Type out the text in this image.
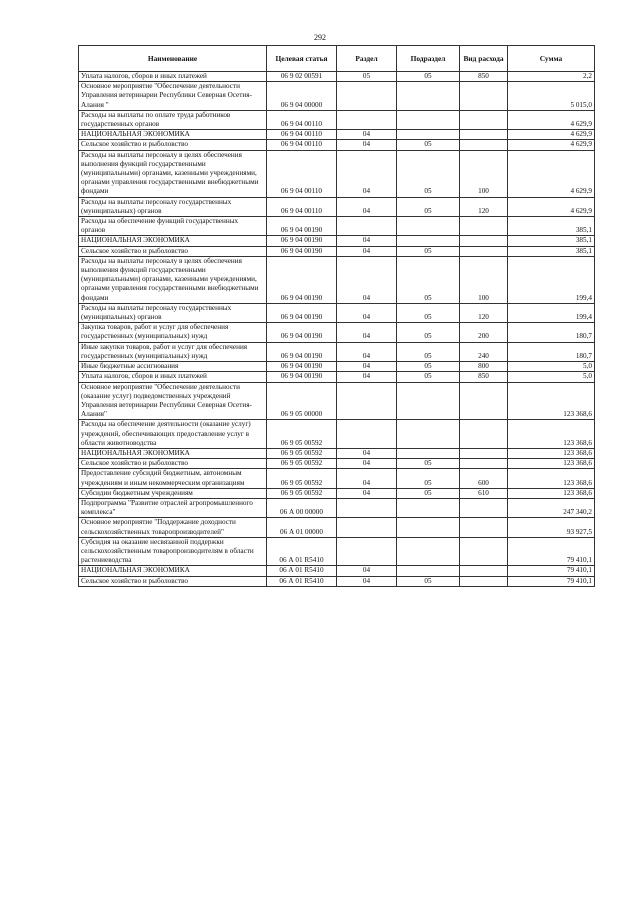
292
Наименование	Целевая статья	Раздел	Подраздел	Вид расхода	Сумма
Уплата налогов, сборов и иных платежей	06 9 02 00591	05	05	850	2,2
Основное мероприятие "Обеспечение деятельности Управления ветеринарии Республики Северная Осетия-Алания "	06 9 04 00000				5 015,0
Расходы на выплаты по оплате труда работников государственных органов	06 9 04 00110				4 629,9
НАЦИОНАЛЬНАЯ ЭКОНОМИКА	06 9 04 00110	04			4 629,9
Сельское хозяйство и рыболовство	06 9 04 00110	04	05		4 629,9
Расходы на выплаты персоналу в целях обеспечения выполнения функций государственными (муниципальными) органами, казенными учреждениями, органами управления государственными внебюджетными фондами	06 9 04 00110	04	05	100	4 629,9
Расходы на выплаты персоналу государственных (муниципальных) органов	06 9 04 00110	04	05	120	4 629,9
Расходы на обеспечение функций государственных органов	06 9 04 00190				385,1
НАЦИОНАЛЬНАЯ ЭКОНОМИКА	06 9 04 00190	04			385,1
Сельское хозяйство и рыболовство	06 9 04 00190	04	05		385,1
Расходы на выплаты персоналу в целях обеспечения выполнения функций государственными (муниципальными) органами, казенными учреждениями, органами управления государственными внебюджетными фондами	06 9 04 00190	04	05	100	199,4
Расходы на выплаты персоналу государственных (муниципальных) органов	06 9 04 00190	04	05	120	199,4
Закупка товаров, работ и услуг для обеспечения государственных (муниципальных) нужд	06 9 04 00190	04	05	200	180,7
Иные закупки товаров, работ и услуг для обеспечения государственных (муниципальных) нужд	06 9 04 00190	04	05	240	180,7
Иные бюджетные ассигнования	06 9 04 00190	04	05	800	5,0
Уплата налогов, сборов и иных платежей	06 9 04 00190	04	05	850	5,0
Основное мероприятие "Обеспечение деятельности (оказание услуг) подведомственных учреждений Управления ветеринарии Республики Северная Осетия-Алания"	06 9 05 00000				123 368,6
Расходы на обеспечение деятельности (оказание услуг) учреждений, обеспечивающих предоставление услуг в области животноводства	06 9 05 00592				123 368,6
НАЦИОНАЛЬНАЯ ЭКОНОМИКА	06 9 05 00592	04			123 368,6
Сельское хозяйство и рыболовство	06 9 05 00592	04	05		123 368,6
Предоставление субсидий бюджетным, автономным учреждениям и иным некоммерческим организациям	06 9 05 00592	04	05	600	123 368,6
Субсидии бюджетным учреждениям	06 9 05 00592	04	05	610	123 368,6
Подпрограмма "Развитие отраслей агропромышленного комплекса"	06 А 00 00000				247 340,2
Основное мероприятие "Поддержание доходности сельскохозяйственных товаропроизводителей"	06 А 01 00000				93 927,5
Субсидия на оказание несвязанной поддержки сельскохозяйственным товаропроизводителям в области растениеводства	06 А 01 R5410				79 410,1
НАЦИОНАЛЬНАЯ ЭКОНОМИКА	06 А 01 R5410	04			79 410,1
Сельское хозяйство и рыболовство	06 А 01 R5410	04	05		79 410,1
